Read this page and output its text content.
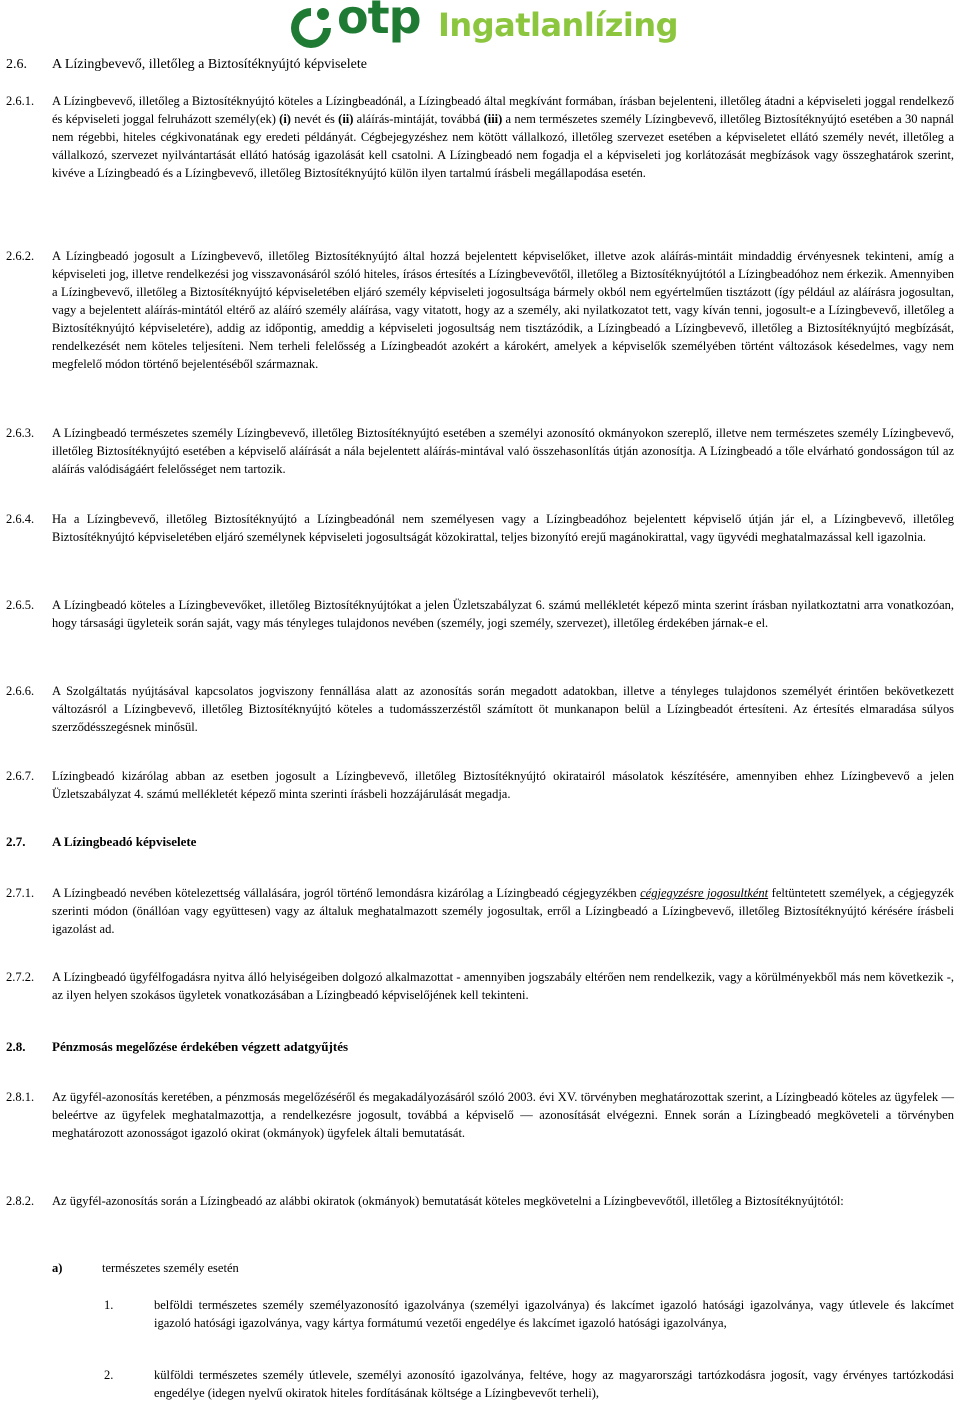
otp Ingatlanlízing
2.6. A Lízingbevevő, illetőleg a Biztosítéknyújtó képviselete
2.6.1. A Lízingbevevő, illetőleg a Biztosítéknyújtó köteles a Lízingbeadónál, a Lízingbeadó által megkívánt formában, írásban bejelenteni, illetőleg átadni a képviseleti joggal rendelkező és képviseleti joggal felruházott személy(ek) (i) nevét és (ii) aláírás-mintáját, továbbá (iii) a nem természetes személy Lízingbevevő, illetőleg Biztosítéknyújtó esetében a 30 napnál nem régebbi, hiteles cégkivonatának egy eredeti példányát. Cégbejegyzéshez nem kötött vállalkozó, illetőleg szervezet esetében a képviseletet ellátó személy nevét, illetőleg a vállalkozó, szervezet nyilvántartását ellátó hatóság igazolását kell csatolni. A Lízingbeadó nem fogadja el a képviseleti jog korlátozását megbízások vagy összeghatárok szerint, kivéve a Lízingbeadó és a Lízingbevevő, illetőleg Biztosítéknyújtó külön ilyen tartalmú írásbeli megállapodása esetén.
2.6.2. A Lízingbeadó jogosult a Lízingbevevő, illetőleg Biztosítéknyújtó által hozzá bejelentett képviselőket, illetve azok aláírás-mintáit mindaddig érvényesnek tekinteni, amíg a képviseleti jog, illetve rendelkezési jog visszavonásáról szóló hiteles, írásos értesítés a Lízingbevevőtől, illetőleg a Biztosítéknyújtótól a Lízingbeadóhoz nem érkezik. Amennyiben a Lízingbevevő, illetőleg a Biztosítéknyújtó képviseletében eljáró személy képviseleti jogosultsága bármely okból nem egyértelműen tisztázott (így például az aláírásra jogosultan, vagy a bejelentett aláírás-mintától eltérő az aláíró személy aláírása, vagy vitatott, hogy az a személy, aki nyilatkozatot tett, vagy kíván tenni, jogosult-e a Lízingbevevő, illetőleg a Biztosítéknyújtó képviseletére), addig az időpontig, ameddig a képviseleti jogosultság nem tisztázódik, a Lízingbeadó a Lízingbevevő, illetőleg a Biztosítéknyújtó megbízását, rendelkezését nem köteles teljesíteni. Nem terheli felelősség a Lízingbeadót azokért a károkért, amelyek a képviselők személyében történt változások késedelmes, vagy nem megfelelő módon történő bejelentéséből származnak.
2.6.3. A Lízingbeadó természetes személy Lízingbevevő, illetőleg Biztosítéknyújtó esetében a személyi azonosító okmányokon szereplő, illetve nem természetes személy Lízingbevevő, illetőleg Biztosítéknyújtó esetében a képviselő aláírását a nála bejelentett aláírás-mintával való összehasonlítás útján azonosítja. A Lízingbeadó a tőle elvárható gondosságon túl az aláírás valódiságáért felelősséget nem tartozik.
2.6.4. Ha a Lízingbevevő, illetőleg Biztosítéknyújtó a Lízingbeadónál nem személyesen vagy a Lízingbeadóhoz bejelentett képviselő útján jár el, a Lízingbevevő, illetőleg Biztosítéknyújtó képviseletében eljáró személynek képviseleti jogosultságát közokirattal, teljes bizonyító erejű magánokirattal, vagy ügyvédi meghatalmazással kell igazolnia.
2.6.5. A Lízingbeadó köteles a Lízingbevevőket, illetőleg Biztosítéknyújtókat a jelen Üzletszabályzat 6. számú mellékletét képező minta szerint írásban nyilatkoztatni arra vonatkozóan, hogy társasági ügyleteik során saját, vagy más tényleges tulajdonos nevében (személy, jogi személy, szervezet), illetőleg érdekében járnak-e el.
2.6.6. A Szolgáltatás nyújtásával kapcsolatos jogviszony fennállása alatt az azonosítás során megadott adatokban, illetve a tényleges tulajdonos személyét érintően bekövetkezett változásról a Lízingbevevő, illetőleg Biztosítéknyújtó köteles a tudomásszerzéstől számított öt munkanapon belül a Lízingbeadót értesíteni. Az értesítés elmaradása súlyos szerződésszegésnek minősül.
2.6.7. Lízingbeadó kizárólag abban az esetben jogosult a Lízingbevevő, illetőleg Biztosítéknyújtó okiratairól másolatok készítésére, amennyiben ehhez Lízingbevevő a jelen Üzletszabályzat 4. számú mellékletét képező minta szerinti írásbeli hozzájárulását megadja.
2.7. A Lízingbeadó képviselete
2.7.1. A Lízingbeadó nevében kötelezettség vállalására, jogról történő lemondásra kizárólag a Lízingbeadó cégjegyzékben cégjegyzésre jogosultként feltüntetett személyek, a cégjegyzék szerinti módon (önállóan vagy együttesen) vagy az általuk meghatalmazott személy jogosultak, erről a Lízingbeadó a Lízingbevevő, illetőleg Biztosítéknyújtó kérésére írásbeli igazolást ad.
2.7.2. A Lízingbeadó ügyfélfogadásra nyitva álló helyiségeiben dolgozó alkalmazottat - amennyiben jogszabály eltérően nem rendelkezik, vagy a körülményekből más nem következik -, az ilyen helyen szokásos ügyletek vonatkozásában a Lízingbeadó képviselőjének kell tekinteni.
2.8. Pénzmosás megelőzése érdekében végzett adatgyűjtés
2.8.1. Az ügyfél-azonosítás keretében, a pénzmosás megelőzéséről és megakadályozásáról szóló 2003. évi XV. törvényben meghatározottak szerint, a Lízingbeadó köteles az ügyfelek — beleértve az ügyfelek meghatalmazottja, a rendelkezésre jogosult, továbbá a képviselő — azonosítását elvégezni. Ennek során a Lízingbeadó megköveteli a törvényben meghatározott azonosságot igazoló okirat (okmányok) ügyfelek általi bemutatását.
2.8.2. Az ügyfél-azonosítás során a Lízingbeadó az alábbi okiratok (okmányok) bemutatását köteles megkövetelni a Lízingbevevőtől, illetőleg a Biztosítéknyújtótól:
a)	természetes személy esetén
1.	belföldi természetes személy személyazonosító igazolványa (személyi igazolványa) és lakcímet igazoló hatósági igazolványa, vagy útlevele és lakcímet igazoló hatósági igazolványa, vagy kártya formátumú vezetői engedélye és lakcímet igazoló hatósági igazolványa,
2.	külföldi természetes személy útlevele, személyi azonosító igazolványa, feltéve, hogy az magyarországi tartózkodásra jogosít, vagy érvényes tartózkodási engedélye (idegen nyelvű okiratok hiteles fordításának költsége a Lízingbevevőt terheli),
